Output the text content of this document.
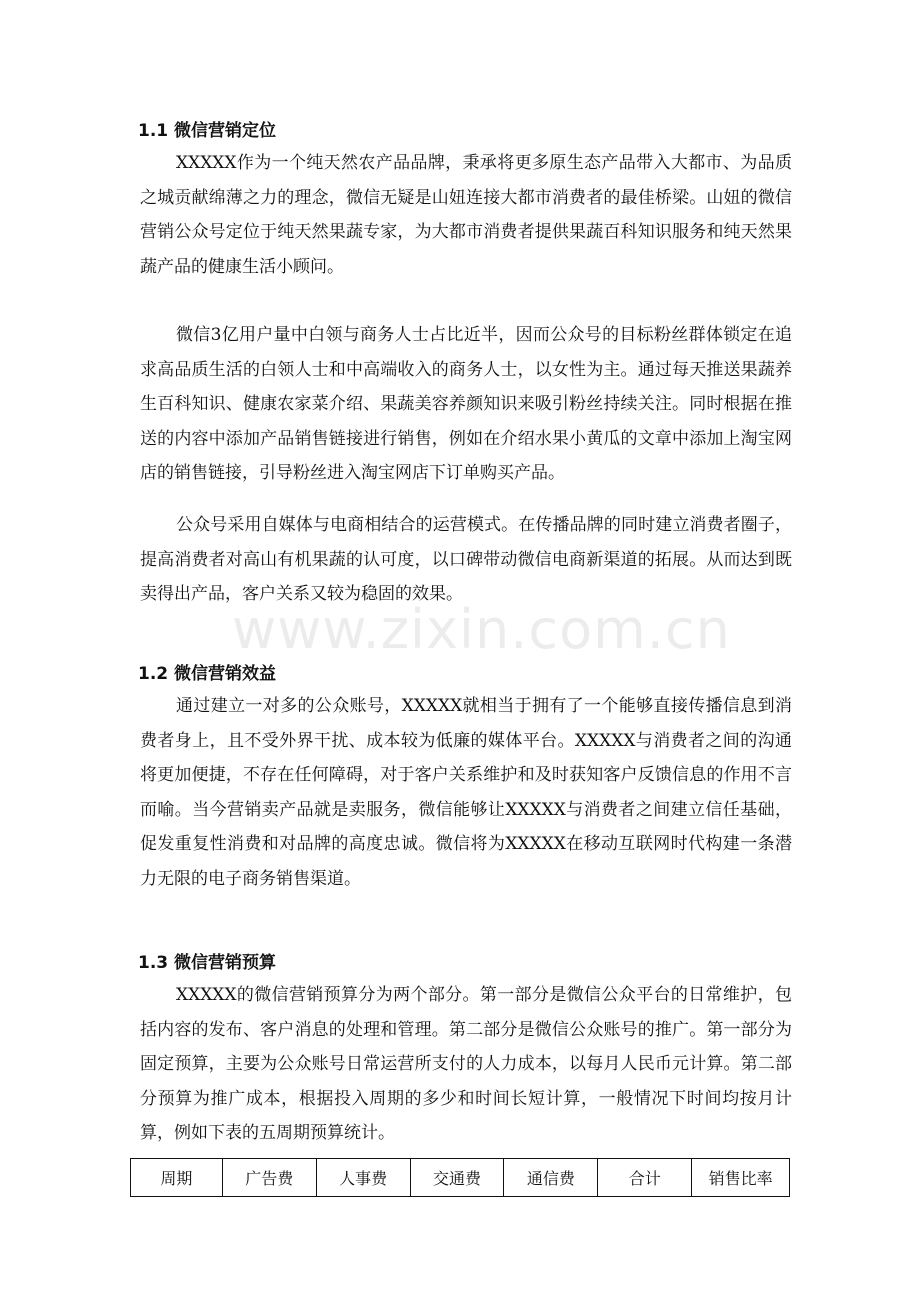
www.zixin.com.cn
1.1 微信营销定位

XXXXX作为一个纯天然农产品品牌，秉承将更多原生态产品带入大都市、为品质之城贡献绵薄之力的理念，微信无疑是山妞连接大都市消费者的最佳桥梁。山妞的微信营销公众号定位于纯天然果蔬专家，为大都市消费者提供果蔬百科知识服务和纯天然果蔬产品的健康生活小顾问。

微信3亿用户量中白领与商务人士占比近半，因而公众号的目标粉丝群体锁定在追求高品质生活的白领人士和中高端收入的商务人士，以女性为主。通过每天推送果蔬养生百科知识、健康农家菜介绍、果蔬美容养颜知识来吸引粉丝持续关注。同时根据在推送的内容中添加产品销售链接进行销售，例如在介绍水果小黄瓜的文章中添加上淘宝网店的销售链接，引导粉丝进入淘宝网店下订单购买产品。

公众号采用自媒体与电商相结合的运营模式。在传播品牌的同时建立消费者圈子，提高消费者对高山有机果蔬的认可度，以口碑带动微信电商新渠道的拓展。从而达到既卖得出产品，客户关系又较为稳固的效果。

1.2 微信营销效益

通过建立一对多的公众账号，XXXXX就相当于拥有了一个能够直接传播信息到消费者身上，且不受外界干扰、成本较为低廉的媒体平台。XXXXX与消费者之间的沟通将更加便捷，不存在任何障碍，对于客户关系维护和及时获知客户反馈信息的作用不言而喻。当今营销卖产品就是卖服务，微信能够让XXXXX与消费者之间建立信任基础，促发重复性消费和对品牌的高度忠诚。微信将为XXXXX在移动互联网时代构建一条潜力无限的电子商务销售渠道。

1.3 微信营销预算

XXXXX的微信营销预算分为两个部分。第一部分是微信公众平台的日常维护，包括内容的发布、客户消息的处理和管理。第二部分是微信公众账号的推广。第一部分为固定预算，主要为公众账号日常运营所支付的人力成本，以每月人民币元计算。第二部分预算为推广成本，根据投入周期的多少和时间长短计算，一般情况下时间均按月计算，例如下表的五周期预算统计。

周期	广告费	人事费	交通费	通信费	合计	销售比率
